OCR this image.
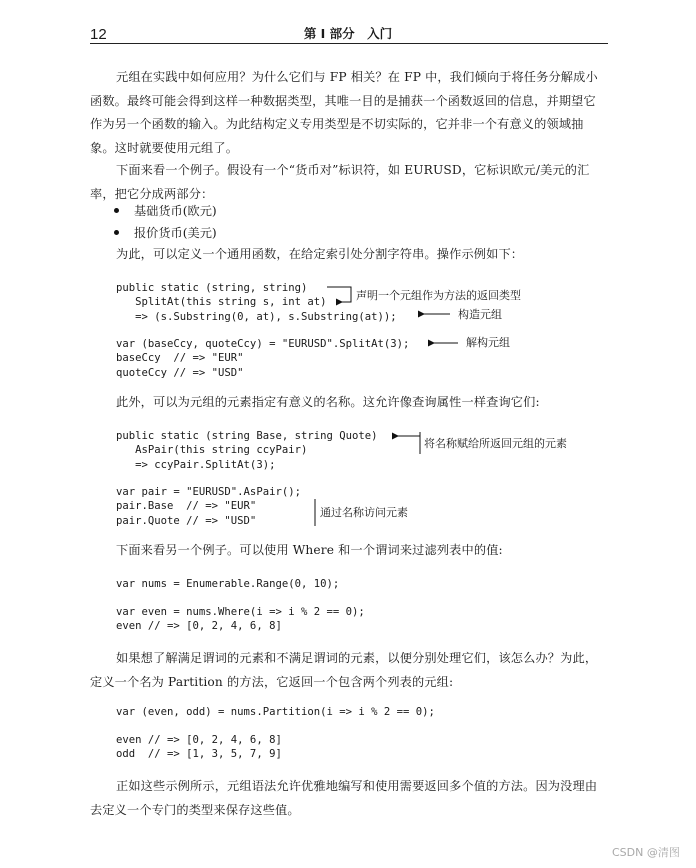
12	第 I 部分　入门

元组在实践中如何应用？为什么它们与 FP 相关？在 FP 中，我们倾向于将任务分解成小函数。最终可能会得到这样一种数据类型，其唯一目的是捕获一个函数返回的信息，并期望它作为另一个函数的输入。为此结构定义专用类型是不切实际的，它并非一个有意义的领域抽象。这时就要使用元组了。

下面来看一个例子。假设有一个“货币对”标识符，如 EURUSD，它标识欧元/美元的汇率，把它分成两部分：

基础货币(欧元)
报价货币(美元)

为此，可以定义一个通用函数，在给定索引处分割字符串。操作示例如下：

public static (string, string)
SplitAt(this string s, int at)
=> (s.Substring(0, at), s.Substring(at));
var (baseCcy, quoteCcy) = "EURUSD".SplitAt(3);
baseCcy  // => "EUR"
quoteCcy // => "USD"

此外，可以为元组的元素指定有意义的名称。这允许像查询属性一样查询它们:

public static (string Base, string Quote)
AsPair(this string ccyPair)
=> ccyPair.SplitAt(3);
var pair = "EURUSD".AsPair();
pair.Base  // => "EUR"
pair.Quote // => "USD"

下面来看另一个例子。可以使用 Where 和一个谓词来过滤列表中的值:

var nums = Enumerable.Range(0, 10);
var even = nums.Where(i => i % 2 == 0);
even // => [0, 2, 4, 6, 8]

如果想了解满足谓词的元素和不满足谓词的元素，以便分别处理它们，该怎么办？为此，定义一个名为 Partition 的方法，它返回一个包含两个列表的元组:

var (even, odd) = nums.Partition(i => i % 2 == 0);
even // => [0, 2, 4, 6, 8]
odd  // => [1, 3, 5, 7, 9]

正如这些示例所示，元组语法允许优雅地编写和使用需要返回多个值的方法。因为没理由去定义一个专门的类型来保存这些值。

声明一个元组作为方法的返回类型
构造元组
解构元组
将名称赋给所返回元组的元素
通过名称访问元素
CSDN @清图
